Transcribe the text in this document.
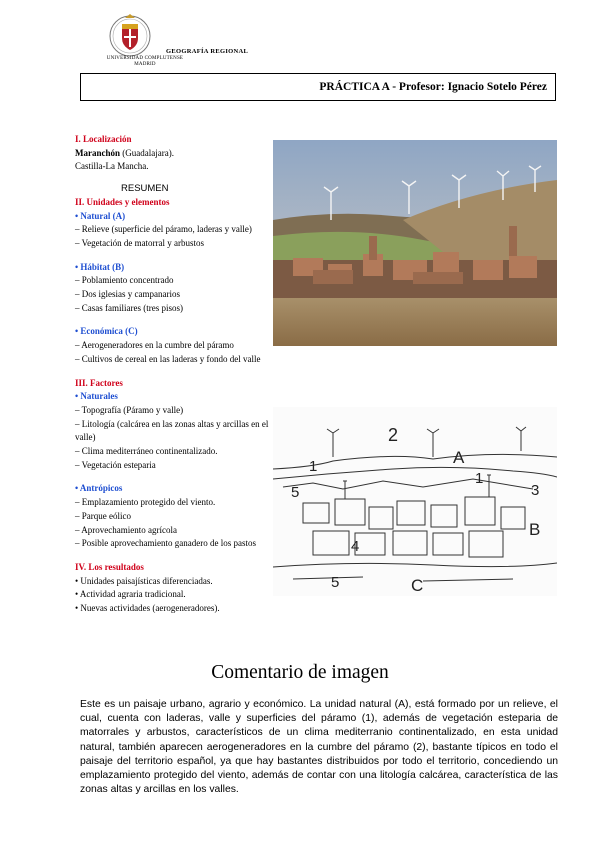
UNIVERSIDAD COMPLUTENSE
MADRID
GEOGRAFÍA REGIONAL
PRÁCTICA A - Profesor: Ignacio Sotelo Pérez
I. Localización
Maranchón (Guadalajara).
Castilla-La Mancha.
RESUMEN
II. Unidades y elementos
• Natural (A)
– Relieve (superficie del páramo, laderas y valle)
– Vegetación de matorral y arbustos
• Hábitat (B)
– Poblamiento concentrado
– Dos iglesias y campanarios
– Casas familiares (tres pisos)
• Económica (C)
– Aerogeneradores en la cumbre del páramo
– Cultivos de cereal en las laderas y fondo del valle
III. Factores
• Naturales
– Topografía (Páramo y valle)
– Litología (calcárea en las zonas altas y arcillas en el valle)
– Clima mediterráneo continentalizado.
– Vegetación esteparia
• Antrópicos
– Emplazamiento protegido del viento.
– Parque eólico
– Aprovechamiento agrícola
– Posible aprovechamiento ganadero de los pastos
IV. Los resultados
• Unidades paisajísticas diferenciadas.
• Actividad agraria tradicional.
• Nuevas actividades (aerogeneradores).
2
A
1
1
5	3
4
B
5	C
Comentario de imagen
Este es un paisaje urbano, agrario y económico. La unidad natural (A), está formado por un relieve, el cual, cuenta con laderas, valle y superficies del páramo (1), además de vegetación esteparia de matorrales y arbustos, característicos de un clima mediterranio continentalizado, en esta unidad natural, también aparecen aerogeneradores en la cumbre del páramo (2), bastante típicos en todo el paisaje del territorio español, ya que hay bastantes distribuidos por todo el territorio, concediendo un emplazamiento protegido del viento, además de contar con una litología calcárea, característica de las zonas altas y arcillas en los valles.
